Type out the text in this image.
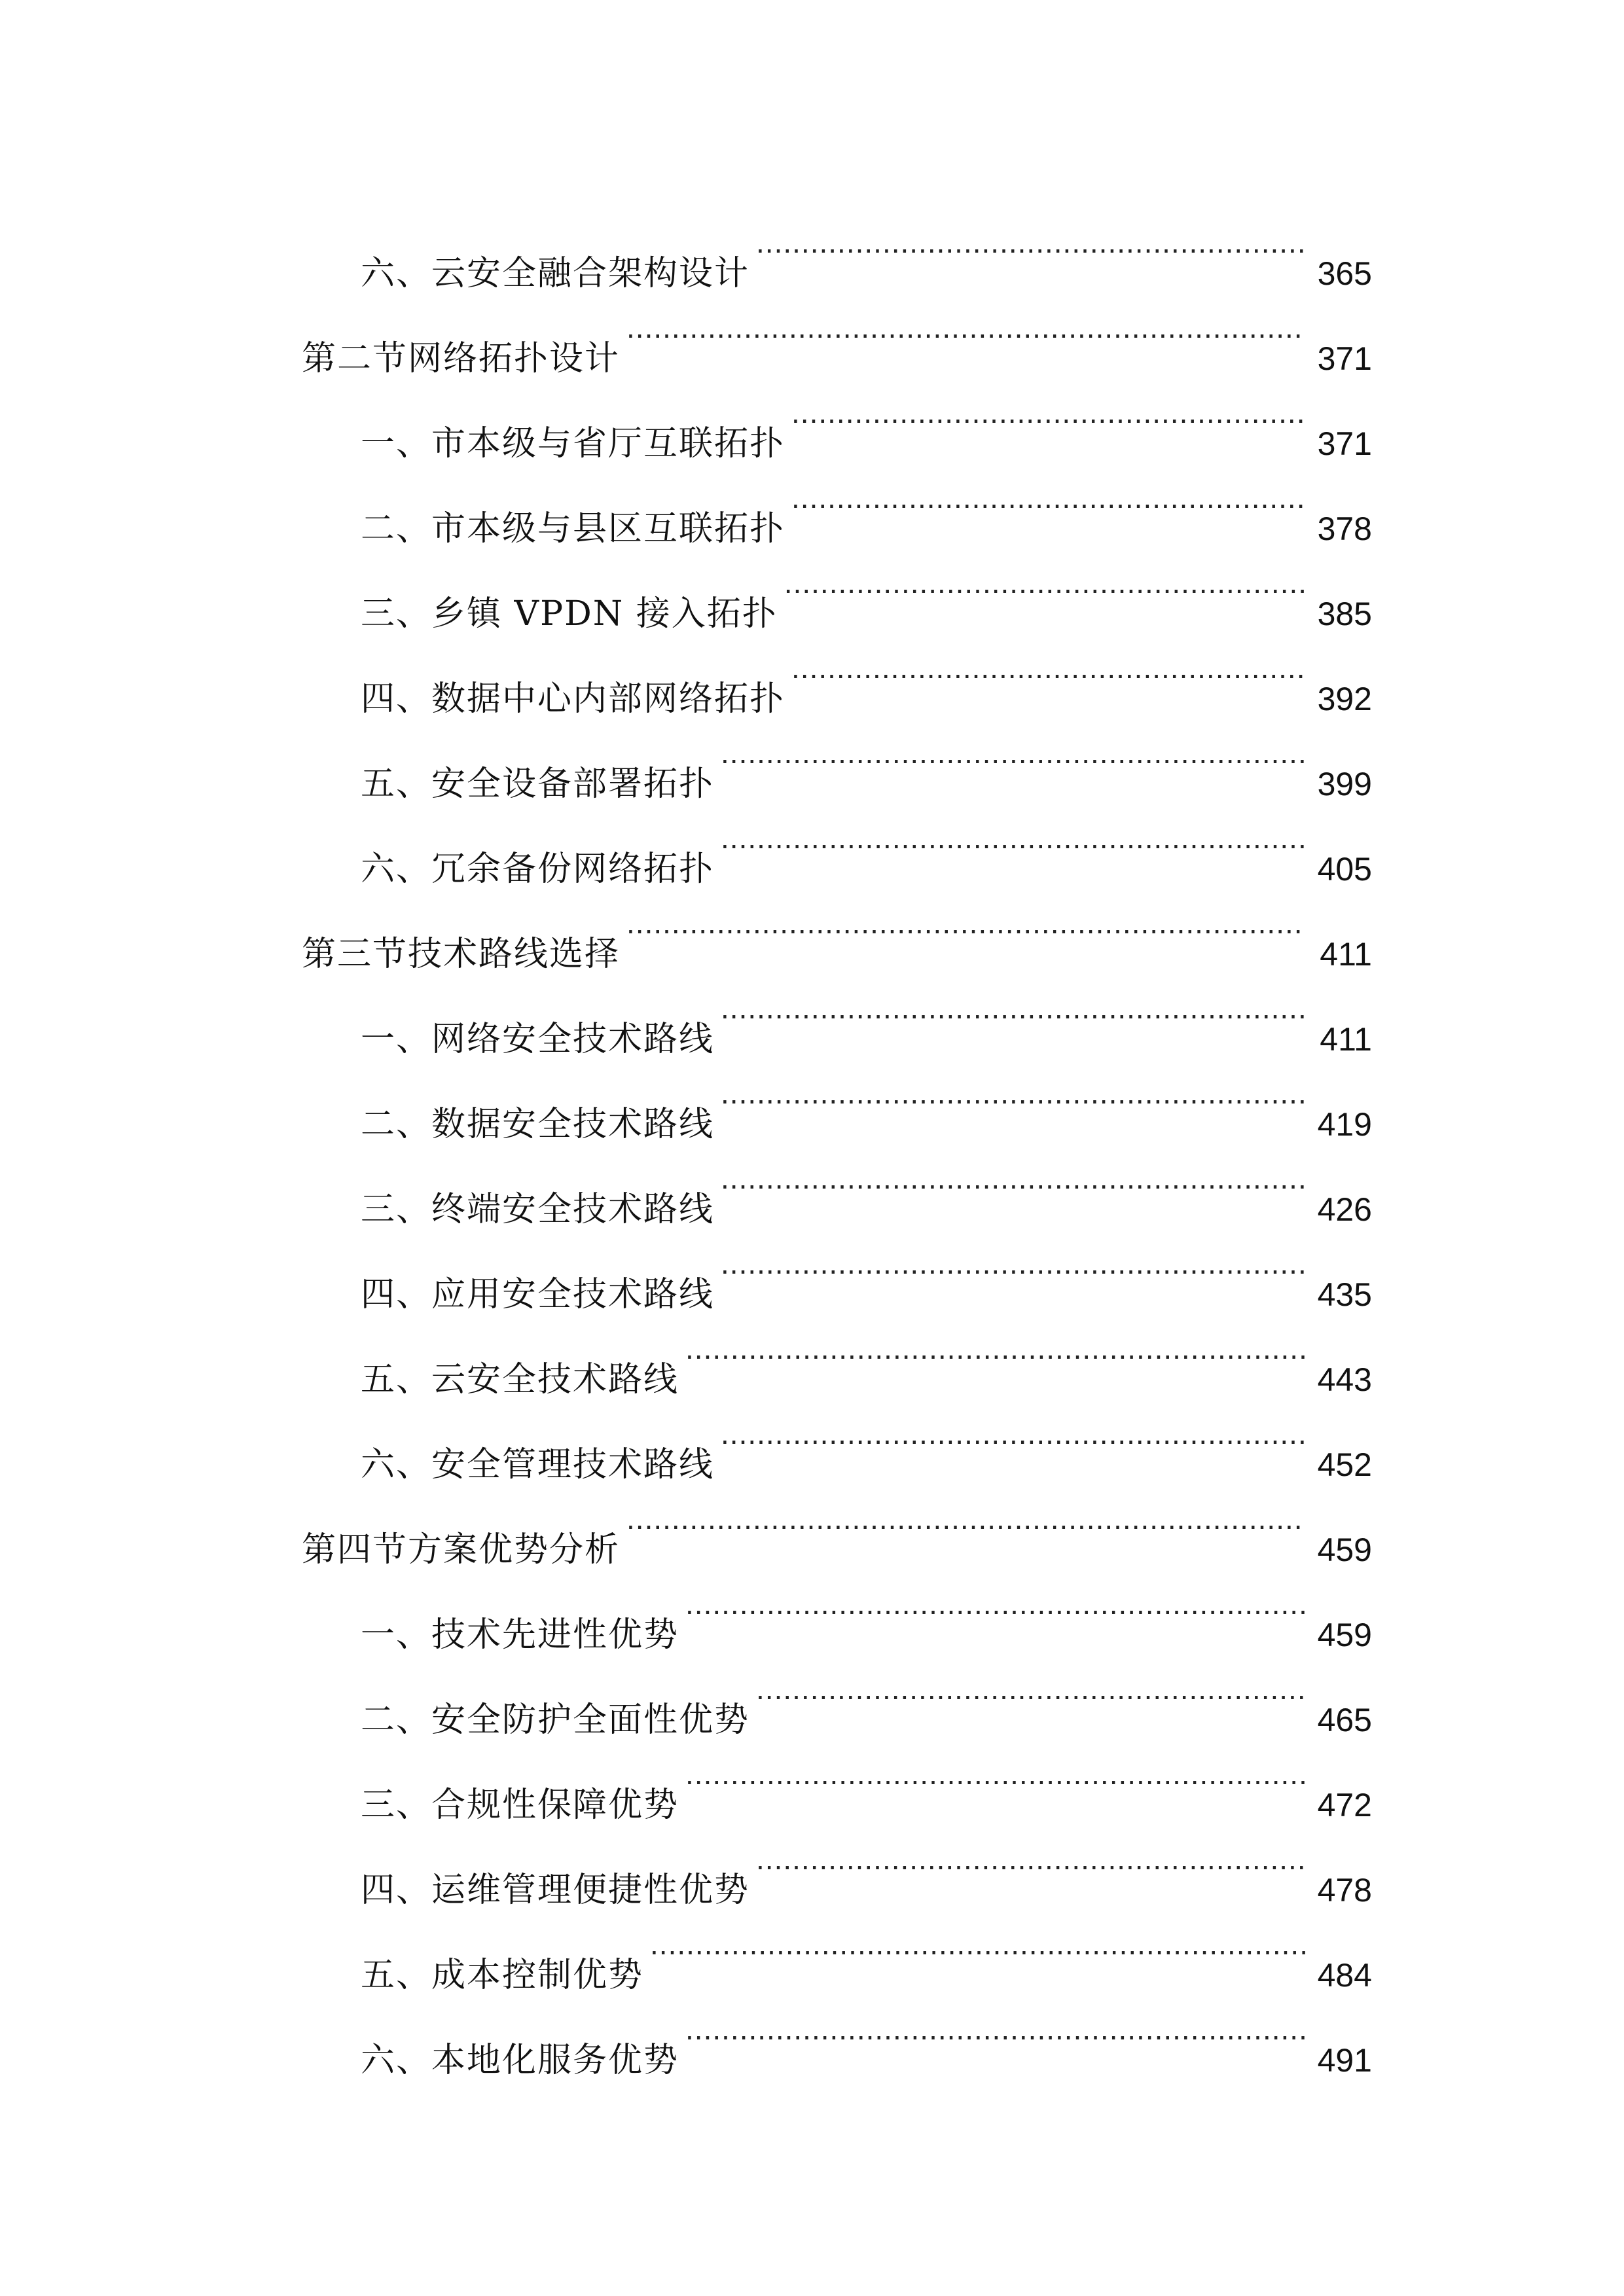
六、云安全融合架构设计 .....	365
第二节网络拓扑设计 .....	371
一、市本级与省厅互联拓扑 .....	371
二、市本级与县区互联拓扑 .....	378
三、乡镇 VPDN 接入拓扑 .....	385
四、数据中心内部网络拓扑 .....	392
五、安全设备部署拓扑 .....	399
六、冗余备份网络拓扑 .....	405
第三节技术路线选择 .....	411
一、网络安全技术路线 .....	411
二、数据安全技术路线 .....	419
三、终端安全技术路线 .....	426
四、应用安全技术路线 .....	435
五、云安全技术路线 .....	443
六、安全管理技术路线 .....	452
第四节方案优势分析 .....	459
一、技术先进性优势 .....	459
二、安全防护全面性优势 .....	465
三、合规性保障优势 .....	472
四、运维管理便捷性优势 .....	478
五、成本控制优势 .....	484
六、本地化服务优势 .....	491
